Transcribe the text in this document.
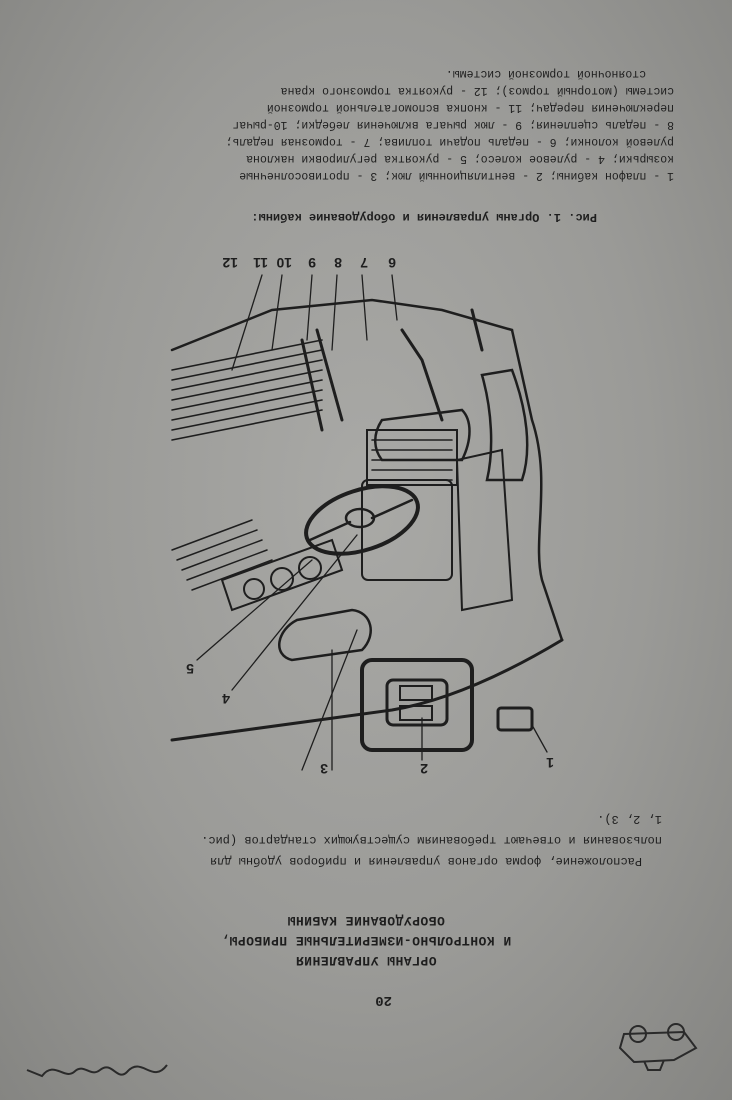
20
ОРГАНЫ УПРАВЛЕНИЯ
И КОНТРОЛЬНО-ИЗМЕРИТЕЛЬНЫЕ ПРИБОРЫ,
ОБОРУДОВАНИЕ КАБИНЫ
Расположение, форма органов управления и приборов удобны для
пользования и отвечают требованиям существующих стандартов (рис.
1, 2, 3).
1
2
3
4
5
6
7
8
9
10
11
12
Рис. 1. Органы управления и оборудование кабины:
1 - плафон кабины; 2 - вентиляционный люк; 3 - противосолнечные
козырьки; 4 - рулевое колесо; 5 - рукоятка регулировки наклона
рулевой колонки; 6 - педаль подачи топлива; 7 - тормозная педаль;
8 - педаль сцепления; 9 - люк рычага включения лебедки; 10-рычаг
переключения передач; 11 - кнопка вспомогательной тормозной
системы (моторный тормоз); 12 - рукоятка тормозного крана
стояночной тормозной системы.
